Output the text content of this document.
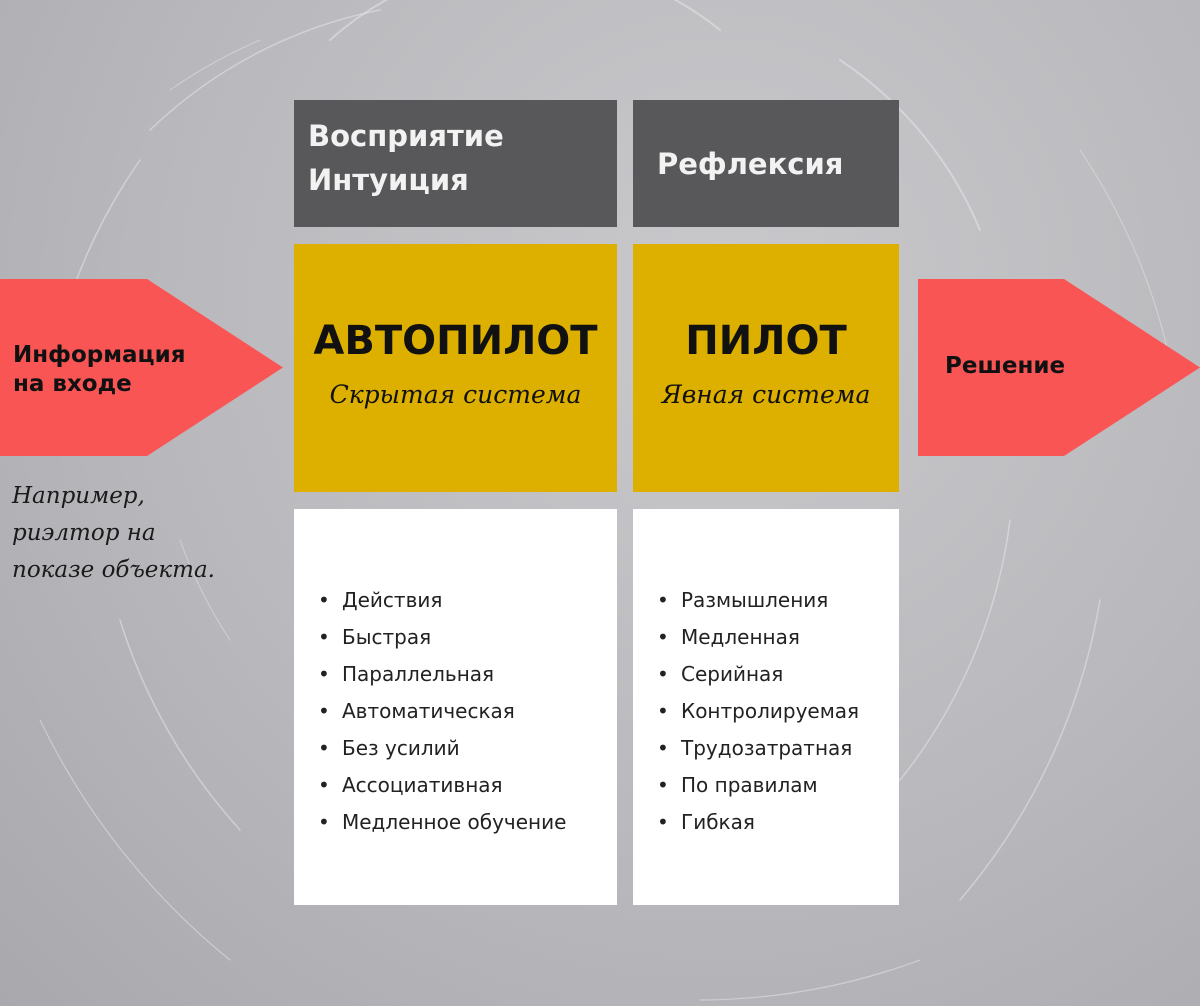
Восприятие
Интуиция	Рефлексия
АВТОПИЛОТ
Скрытая система
ПИЛОТ
Явная система
• Действия
• Быстрая
• Параллельная
• Автоматическая
• Без усилий
• Ассоциативная
• Медленное обучение
• Размышления
• Медленная
• Серийная
• Контролируемая
• Трудозатратная
• По правилам
• Гибкая
Информация
на входе
Решение
Например,
риэлтор на
показе объекта.
